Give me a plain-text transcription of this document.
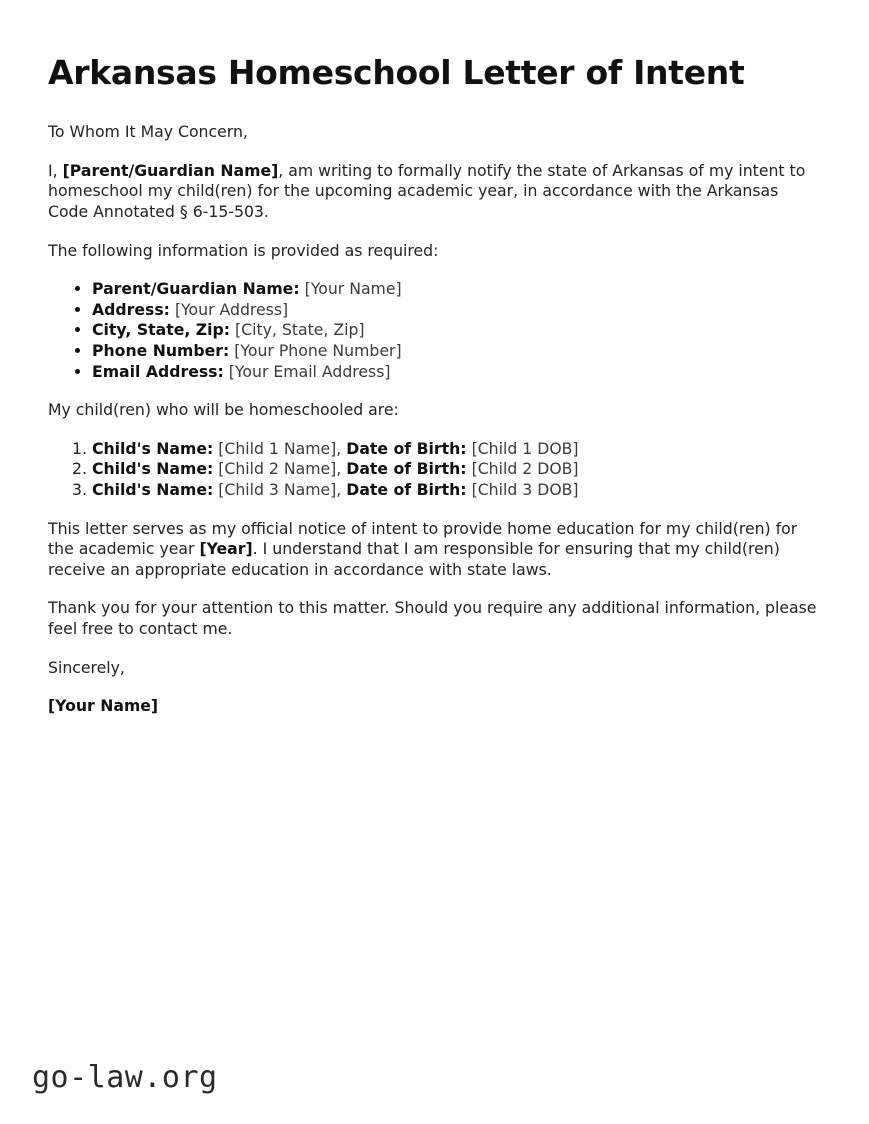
Arkansas Homeschool Letter of Intent

To Whom It May Concern,

I, [Parent/Guardian Name], am writing to formally notify the state of Arkansas of my intent to homeschool my child(ren) for the upcoming academic year, in accordance with the Arkansas Code Annotated § 6-15-503.

The following information is provided as required:

• Parent/Guardian Name: [Your Name]
• Address: [Your Address]
• City, State, Zip: [City, State, Zip]
• Phone Number: [Your Phone Number]
• Email Address: [Your Email Address]

My child(ren) who will be homeschooled are:

1. Child's Name: [Child 1 Name], Date of Birth: [Child 1 DOB]
2. Child's Name: [Child 2 Name], Date of Birth: [Child 2 DOB]
3. Child's Name: [Child 3 Name], Date of Birth: [Child 3 DOB]

This letter serves as my official notice of intent to provide home education for my child(ren) for the academic year [Year]. I understand that I am responsible for ensuring that my child(ren) receive an appropriate education in accordance with state laws.

Thank you for your attention to this matter. Should you require any additional information, please feel free to contact me.

Sincerely,

[Your Name]

go-law.org
